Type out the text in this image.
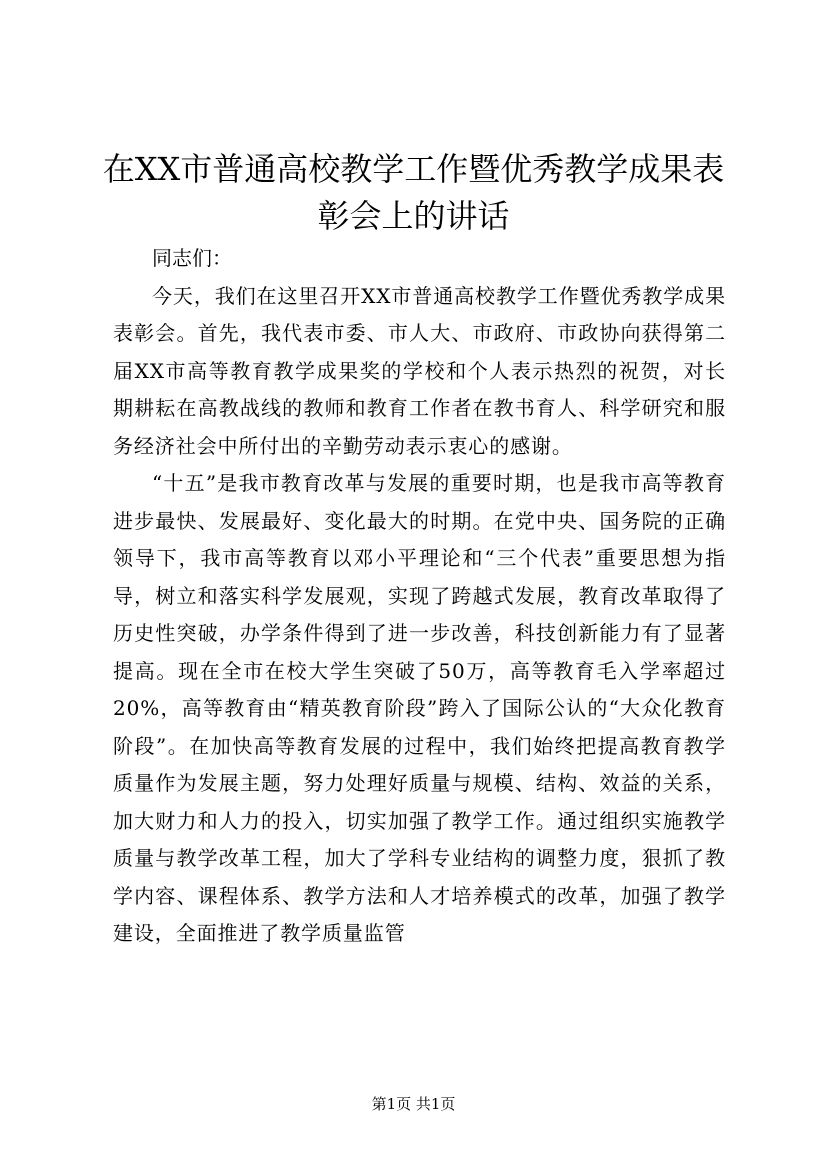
在XX市普通高校教学工作暨优秀教学成果表彰会上的讲话

同志们：

今天，我们在这里召开XX市普通高校教学工作暨优秀教学成果表彰会。首先，我代表市委、市人大、市政府、市政协向获得第二届XX市高等教育教学成果奖的学校和个人表示热烈的祝贺，对长期耕耘在高教战线的教师和教育工作者在教书育人、科学研究和服务经济社会中所付出的辛勤劳动表示衷心的感谢。

“十五”是我市教育改革与发展的重要时期，也是我市高等教育进步最快、发展最好、变化最大的时期。在党中央、国务院的正确领导下，我市高等教育以邓小平理论和“三个代表”重要思想为指导，树立和落实科学发展观，实现了跨越式发展，教育改革取得了历史性突破，办学条件得到了进一步改善，科技创新能力有了显著提高。现在全市在校大学生突破了50万，高等教育毛入学率超过20%，高等教育由“精英教育阶段”跨入了国际公认的“大众化教育阶段”。在加快高等教育发展的过程中，我们始终把提高教育教学质量作为发展主题，努力处理好质量与规模、结构、效益的关系，加大财力和人力的投入，切实加强了教学工作。通过组织实施教学质量与教学改革工程，加大了学科专业结构的调整力度，狠抓了教学内容、课程体系、教学方法和人才培养模式的改革，加强了教学建设，全面推进了教学质量监管

第1页 共1页
